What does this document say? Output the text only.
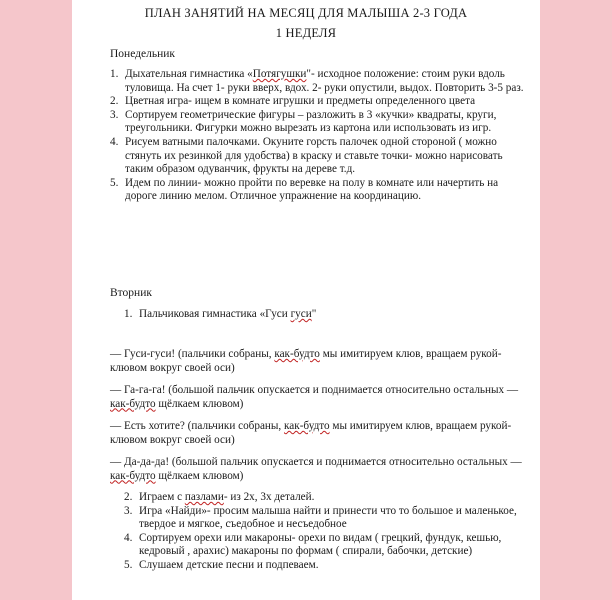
ПЛАН ЗАНЯТИЙ НА МЕСЯЦ ДЛЯ МАЛЫША 2-3 ГОДА
1 НЕДЕЛЯ
Понедельник
1. Дыхательная гимнастика «Потягушки"- исходное положение: стоим руки вдоль туловища. На счет 1- руки вверх, вдох. 2- руки опустили, выдох. Повторить 3-5 раз.
2. Цветная игра- ищем в комнате игрушки и предметы определенного цвета
3. Сортируем геометрические фигуры – разложить в 3 «кучки» квадраты, круги, треугольники. Фигурки можно вырезать из картона или использовать из игр.
4. Рисуем ватными палочками. Окуните горсть палочек одной стороной ( можно стянуть их резинкой для удобства) в краску и ставьте точки- можно нарисовать таким образом одуванчик, фрукты на дереве т.д.
5. Идем по линии- можно пройти по веревке на полу в комнате или начертить на дороге линию мелом. Отличное упражнение на координацию.
Вторник
1. Пальчиковая гимнастика «Гуси гуси"
— Гуси-гуси! (пальчики собраны, как-будто мы имитируем клюв, вращаем рукой-клювом вокруг своей оси)
— Га-га-га! (большой пальчик опускается и поднимается относительно остальных — как-будто щёлкаем клювом)
— Есть хотите? (пальчики собраны, как-будто мы имитируем клюв, вращаем рукой-клювом вокруг своей оси)
— Да-да-да! (большой пальчик опускается и поднимается относительно остальных — как-будто щёлкаем клювом)
2. Играем с пазлами- из 2х, 3х деталей.
3. Игра «Найди»- просим малыша найти и принести что то большое и маленькое, твердое и мягкое, съедобное и несъедобное
4. Сортируем орехи или макароны- орехи по видам ( грецкий, фундук, кешью, кедровый , арахис) макароны по формам ( спирали, бабочки, детские)
5. Слушаем детские песни и подпеваем.
